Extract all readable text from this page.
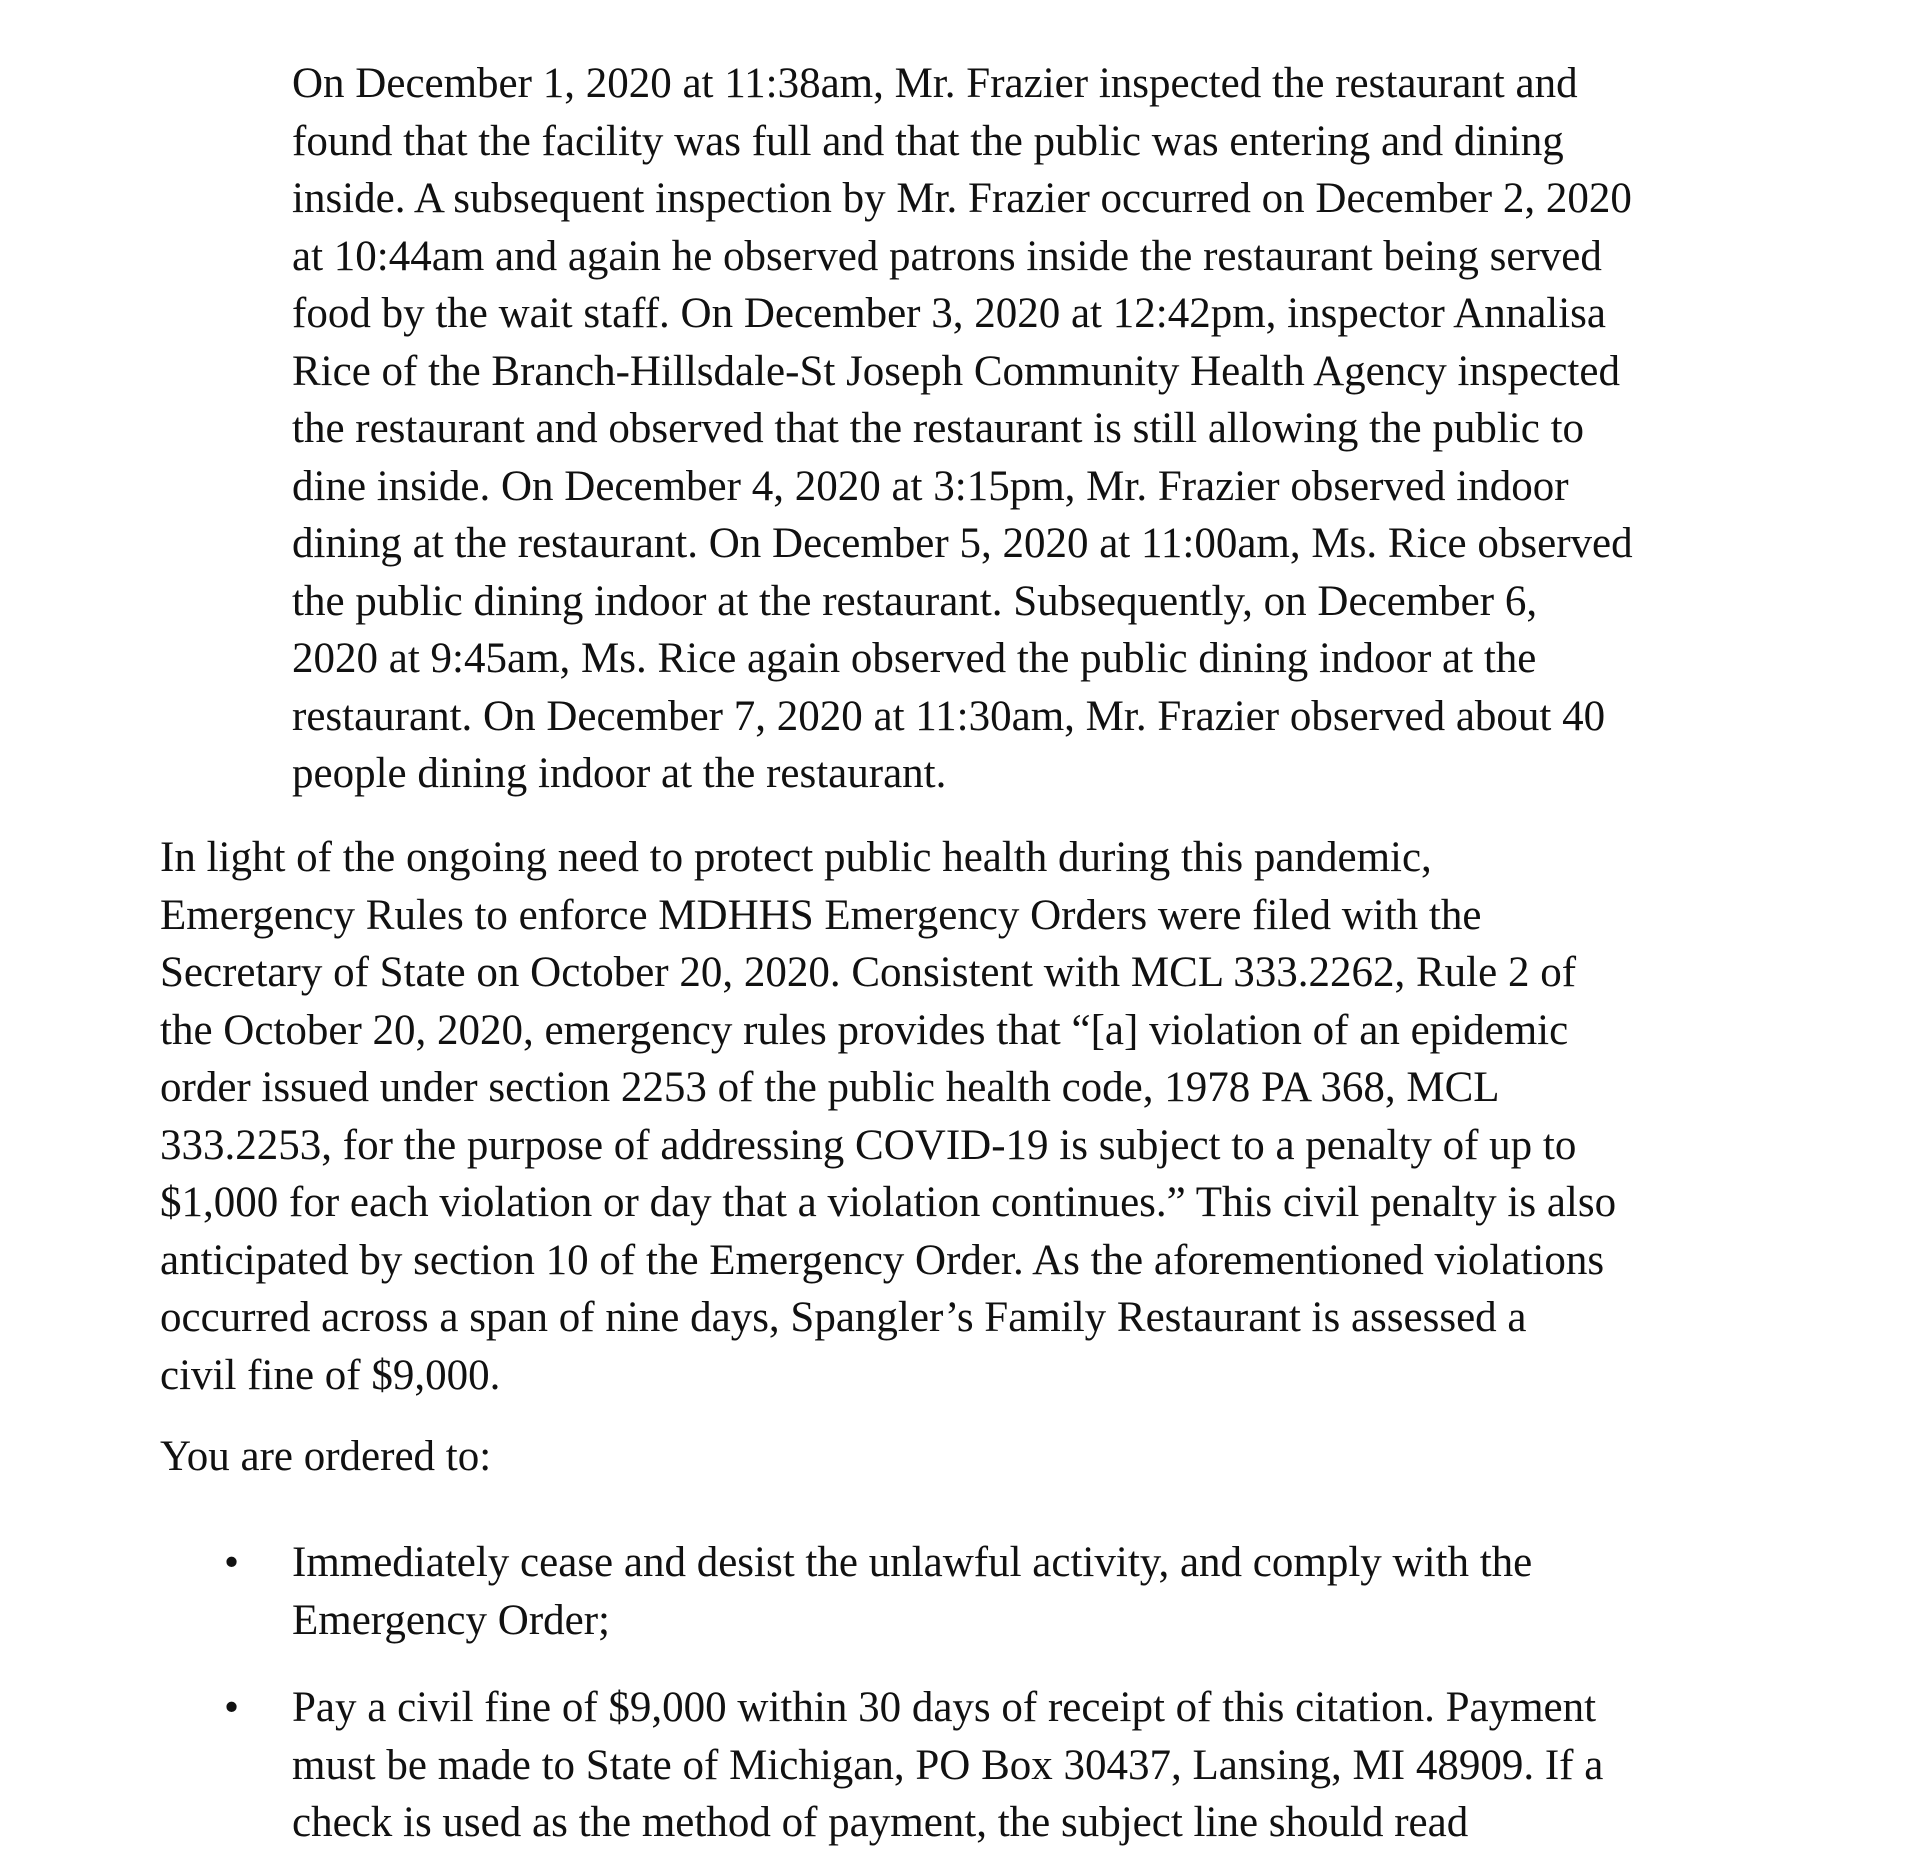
On December 1, 2020 at 11:38am, Mr. Frazier inspected the restaurant and
found that the facility was full and that the public was entering and dining
inside. A subsequent inspection by Mr. Frazier occurred on December 2, 2020
at 10:44am and again he observed patrons inside the restaurant being served
food by the wait staff. On December 3, 2020 at 12:42pm, inspector Annalisa
Rice of the Branch-Hillsdale-St Joseph Community Health Agency inspected
the restaurant and observed that the restaurant is still allowing the public to
dine inside. On December 4, 2020 at 3:15pm, Mr. Frazier observed indoor
dining at the restaurant. On December 5, 2020 at 11:00am, Ms. Rice observed
the public dining indoor at the restaurant. Subsequently, on December 6,
2020 at 9:45am, Ms. Rice again observed the public dining indoor at the
restaurant. On December 7, 2020 at 11:30am, Mr. Frazier observed about 40
people dining indoor at the restaurant.
In light of the ongoing need to protect public health during this pandemic,
Emergency Rules to enforce MDHHS Emergency Orders were filed with the
Secretary of State on October 20, 2020. Consistent with MCL 333.2262, Rule 2 of
the October 20, 2020, emergency rules provides that “[a] violation of an epidemic
order issued under section 2253 of the public health code, 1978 PA 368, MCL
333.2253, for the purpose of addressing COVID-19 is subject to a penalty of up to
$1,000 for each violation or day that a violation continues.” This civil penalty is also
anticipated by section 10 of the Emergency Order. As the aforementioned violations
occurred across a span of nine days, Spangler’s Family Restaurant is assessed a
civil fine of $9,000.
You are ordered to:
• Immediately cease and desist the unlawful activity, and comply with the
Emergency Order;
• Pay a civil fine of $9,000 within 30 days of receipt of this citation. Payment
must be made to State of Michigan, PO Box 30437, Lansing, MI 48909. If a
check is used as the method of payment, the subject line should read
